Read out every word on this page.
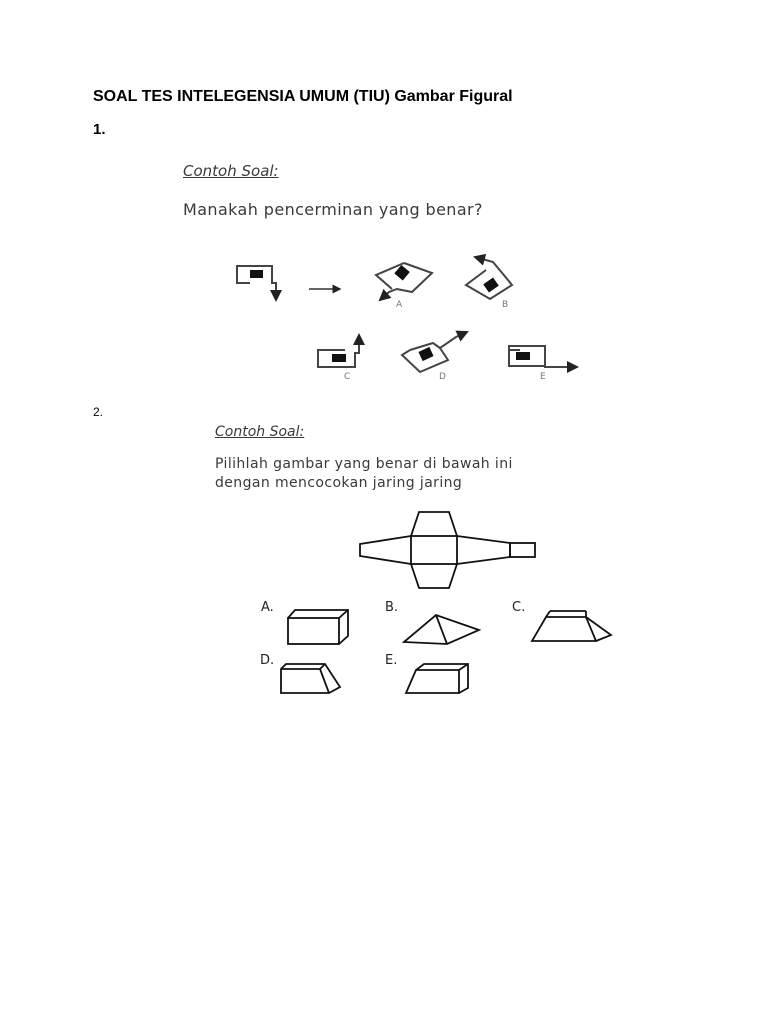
SOAL TES INTELEGENSIA UMUM (TIU) Gambar Figural
1.
Contoh Soal:
Manakah pencerminan yang benar?
A	B
C	D	E
2.
Contoh Soal:
Pilihlah gambar yang benar di bawah ini
dengan mencocokan jaring jaring
A.	B.	C.
D.	E.
